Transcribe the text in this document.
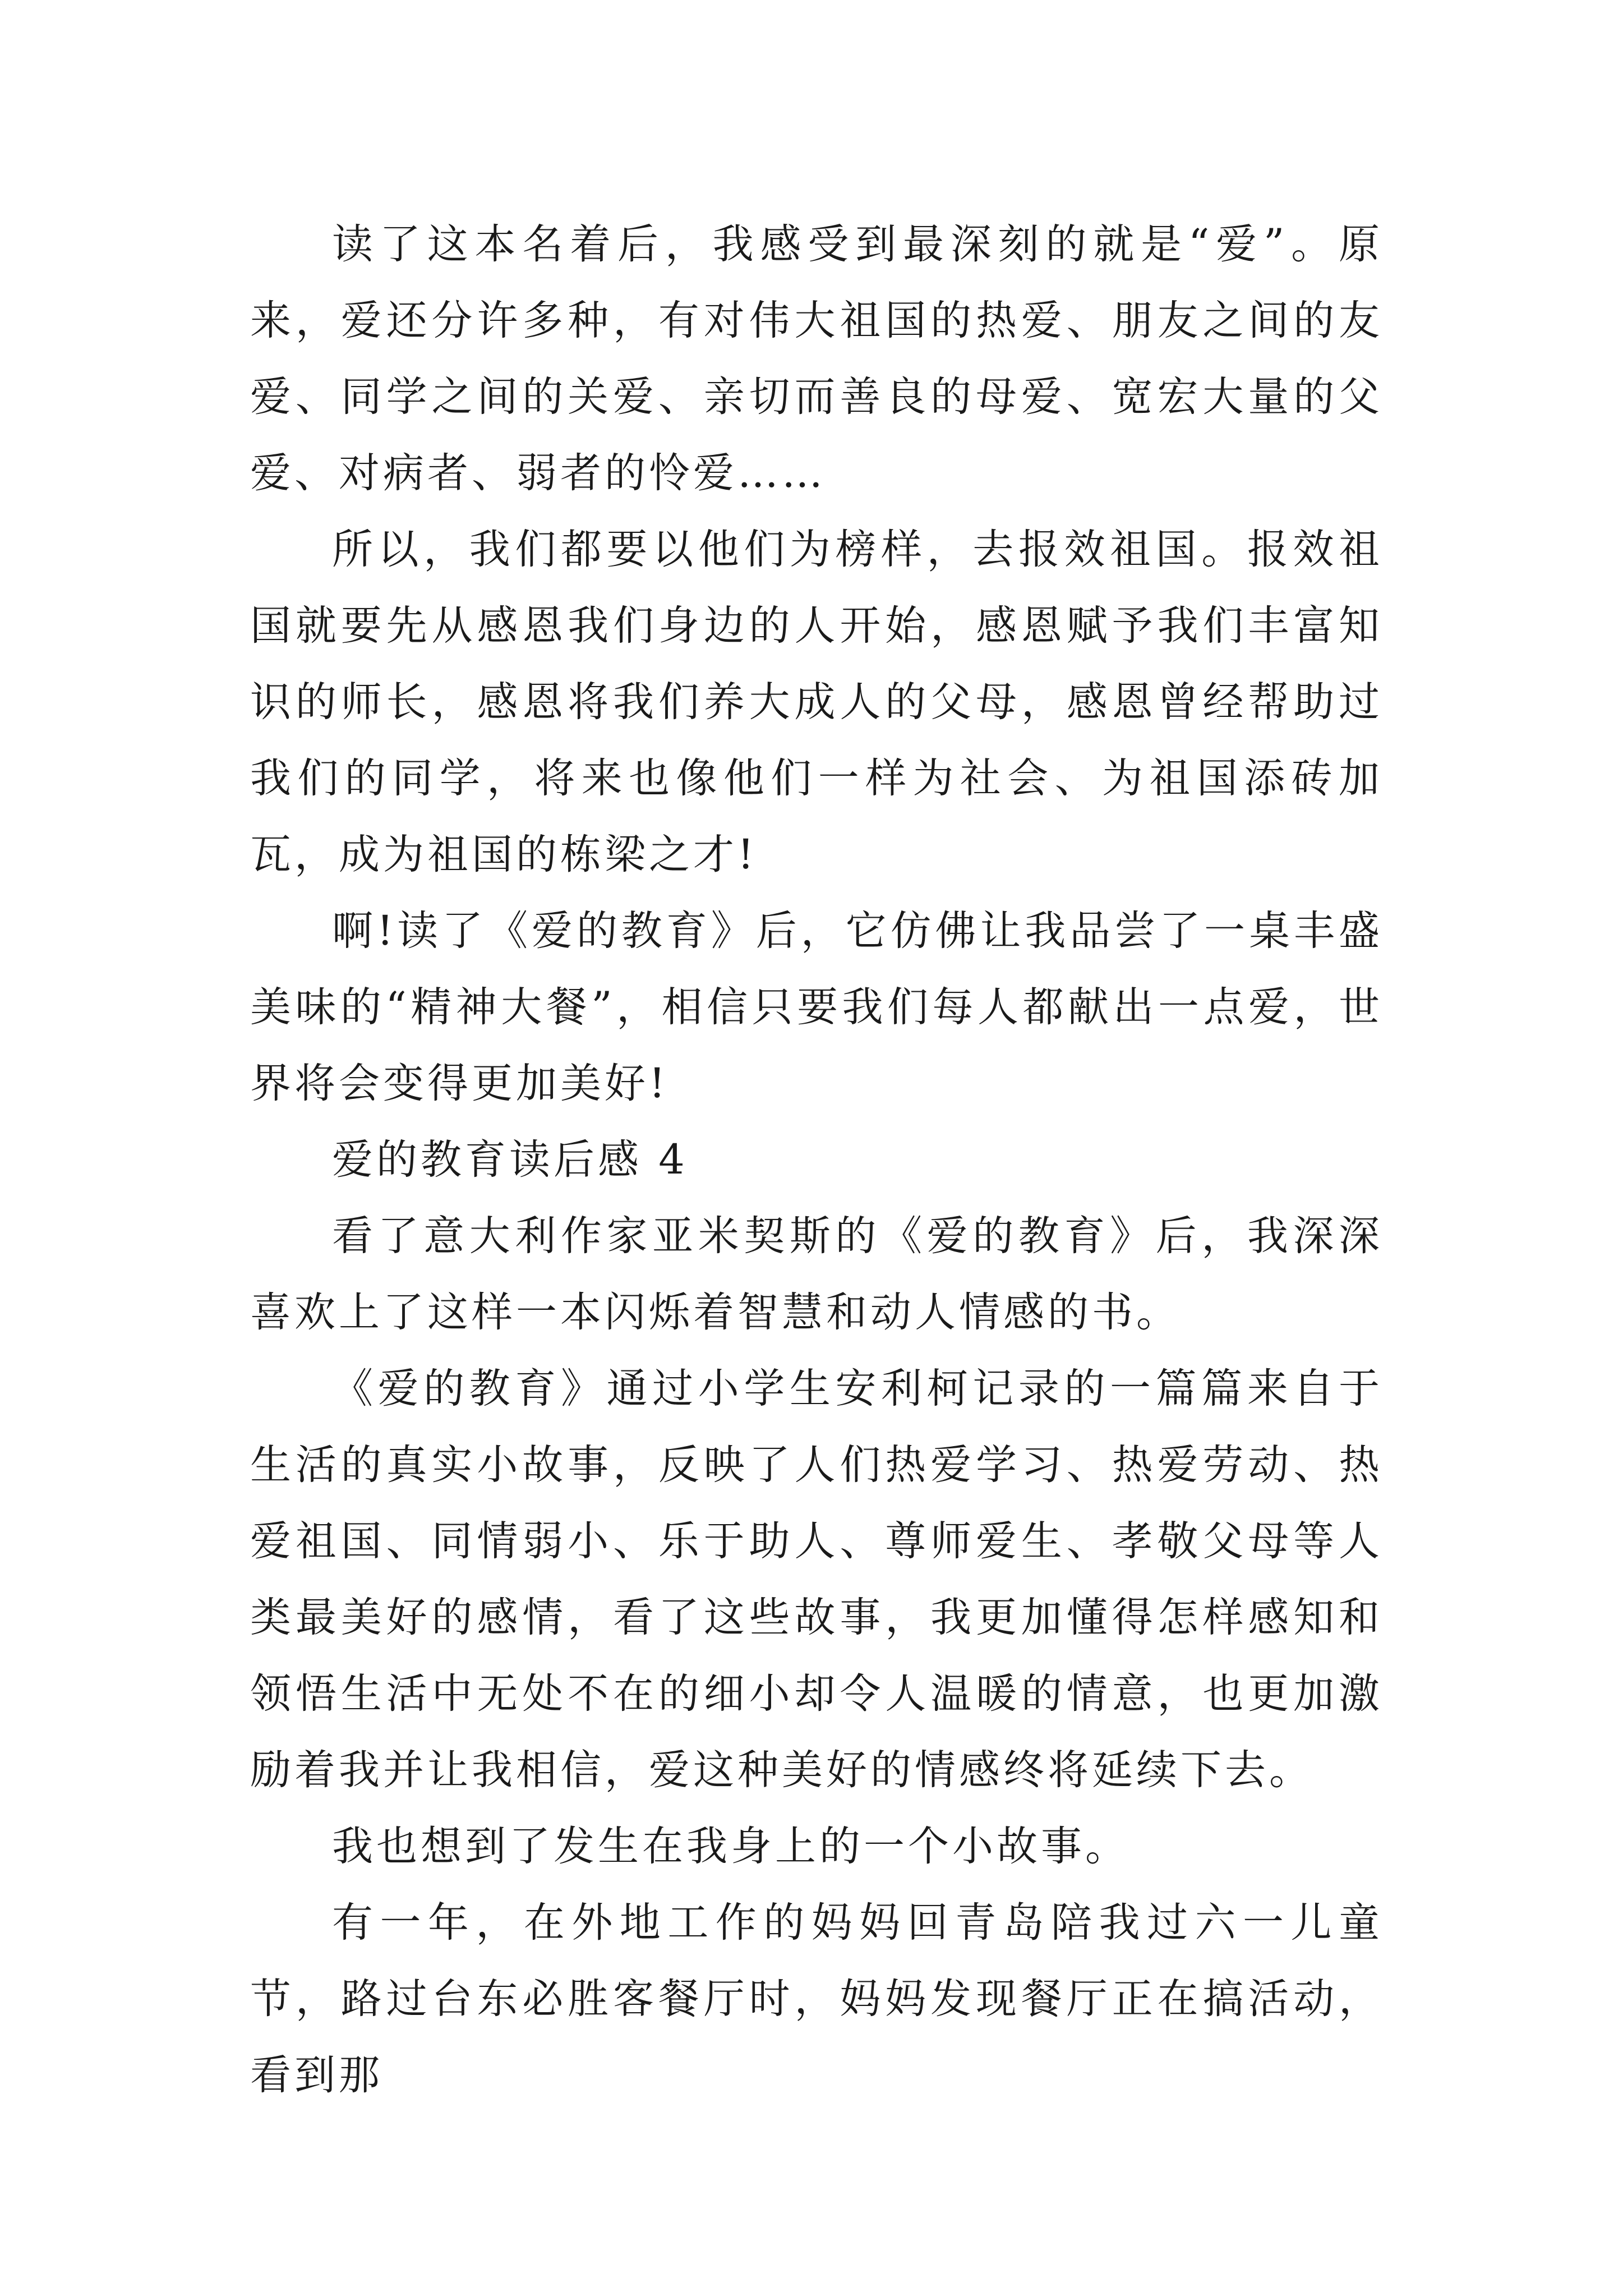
读了这本名着后，我感受到最深刻的就是“爱”。原来，爱还分许多种，有对伟大祖国的热爱、朋友之间的友爱、同学之间的关爱、亲切而善良的母爱、宽宏大量的父爱、对病者、弱者的怜爱……

所以，我们都要以他们为榜样，去报效祖国。报效祖国就要先从感恩我们身边的人开始，感恩赋予我们丰富知识的师长，感恩将我们养大成人的父母，感恩曾经帮助过我们的同学，将来也像他们一样为社会、为祖国添砖加瓦，成为祖国的栋梁之才!

啊!读了《爱的教育》后，它仿佛让我品尝了一桌丰盛美味的“精神大餐”，相信只要我们每人都献出一点爱，世界将会变得更加美好!

爱的教育读后感 4

看了意大利作家亚米契斯的《爱的教育》后，我深深喜欢上了这样一本闪烁着智慧和动人情感的书。

《爱的教育》通过小学生安利柯记录的一篇篇来自于生活的真实小故事，反映了人们热爱学习、热爱劳动、热爱祖国、同情弱小、乐于助人、尊师爱生、孝敬父母等人类最美好的感情，看了这些故事，我更加懂得怎样感知和领悟生活中无处不在的细小却令人温暖的情意，也更加激励着我并让我相信，爱这种美好的情感终将延续下去。

我也想到了发生在我身上的一个小故事。

有一年，在外地工作的妈妈回青岛陪我过六一儿童节，路过台东必胜客餐厅时，妈妈发现餐厅正在搞活动，看到那
